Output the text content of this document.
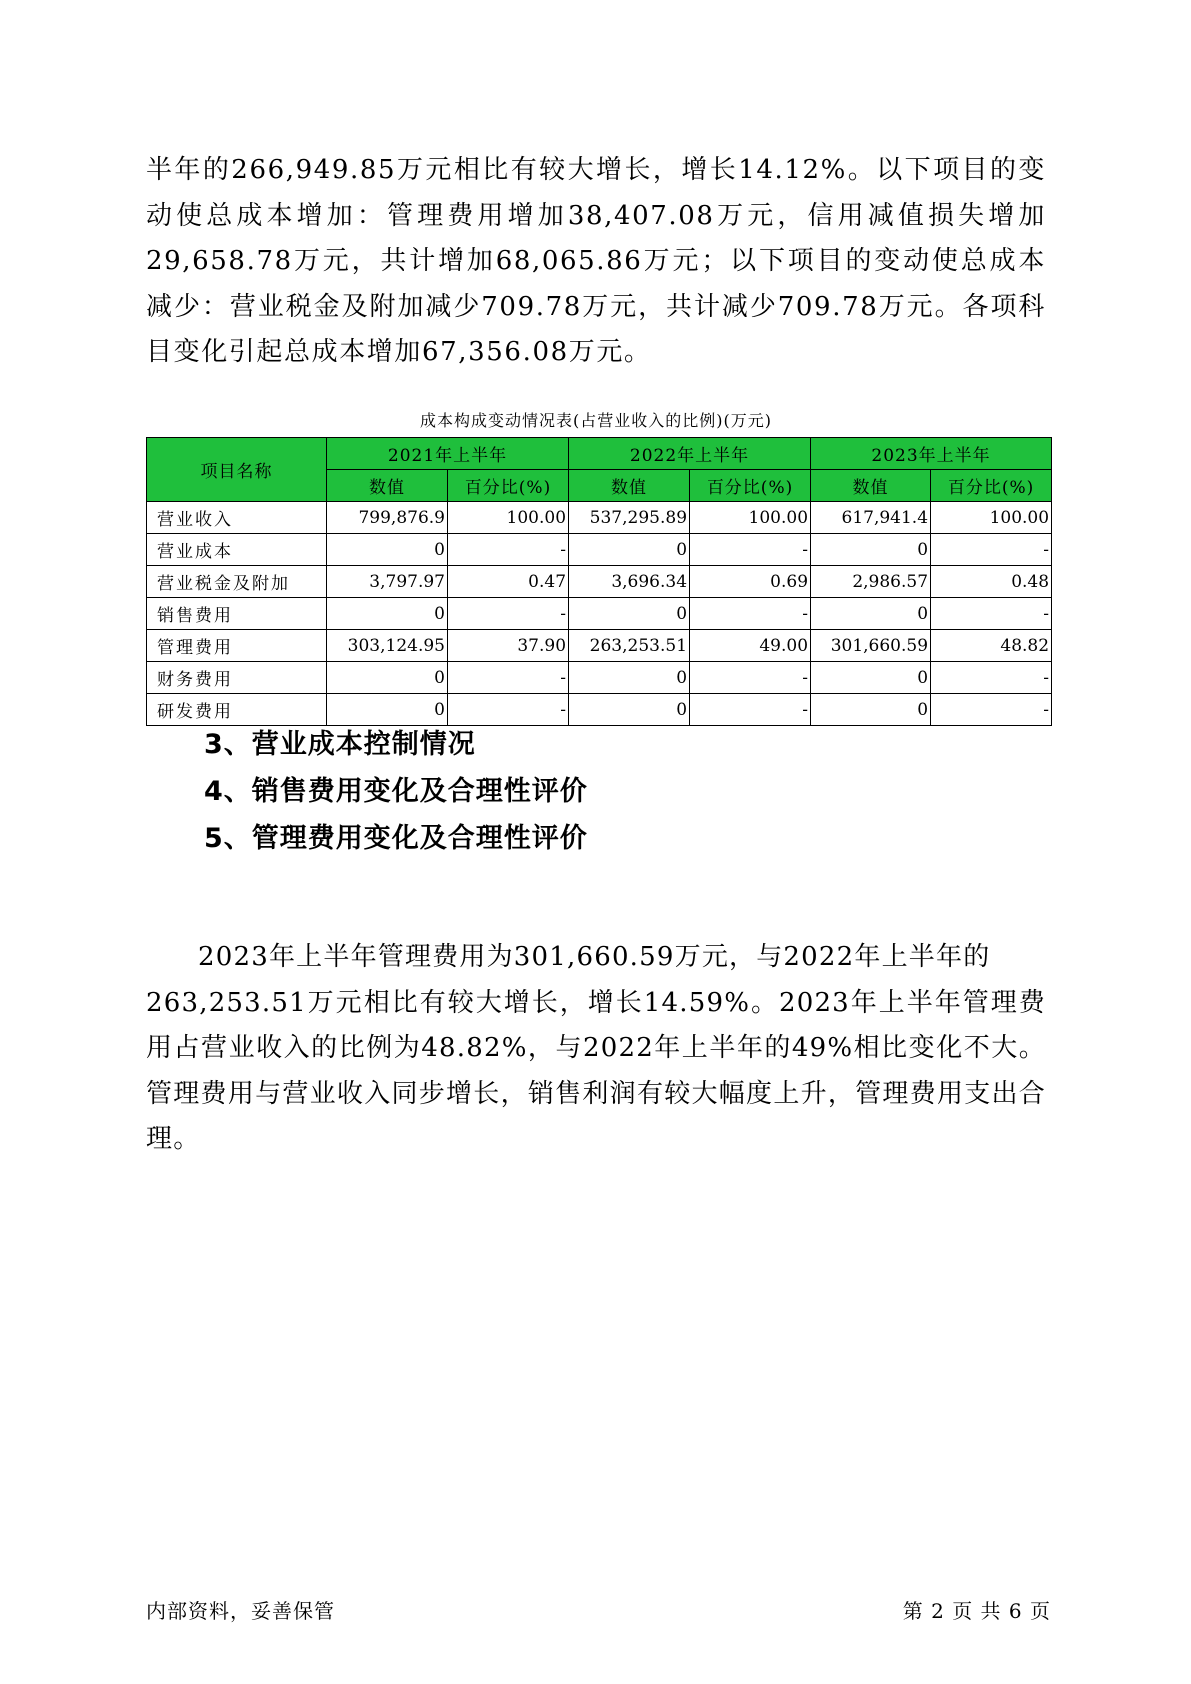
半年的266,949.85万元相比有较大增长，增长14.12%。以下项目的变动使总成本增加：管理费用增加38,407.08万元，信用减值损失增加29,658.78万元，共计增加68,065.86万元；以下项目的变动使总成本减少：营业税金及附加减少709.78万元，共计减少709.78万元。各项科目变化引起总成本增加67,356.08万元。

成本构成变动情况表(占营业收入的比例)(万元)
项目名称	2021年上半年		2022年上半年		2023年上半年	
	数值	百分比(%)	数值	百分比(%)	数值	百分比(%)
营业收入	799,876.9	100.00	537,295.89	100.00	617,941.4	100.00
营业成本	0	-	0	-	0	-
营业税金及附加	3,797.97	0.47	3,696.34	0.69	2,986.57	0.48
销售费用	0	-	0	-	0	-
管理费用	303,124.95	37.90	263,253.51	49.00	301,660.59	48.82
财务费用	0	-	0	-	0	-
研发费用	0	-	0	-	0	-
3、营业成本控制情况
4、销售费用变化及合理性评价
5、管理费用变化及合理性评价

2023年上半年管理费用为301,660.59万元，与2022年上半年的
263,253.51万元相比有较大增长，增长14.59%。2023年上半年管理费用占营业收入的比例为48.82%，与2022年上半年的49%相比变化不大。管理费用与营业收入同步增长，销售利润有较大幅度上升，管理费用支出合理。

内部资料，妥善保管	第 2 页 共 6 页
